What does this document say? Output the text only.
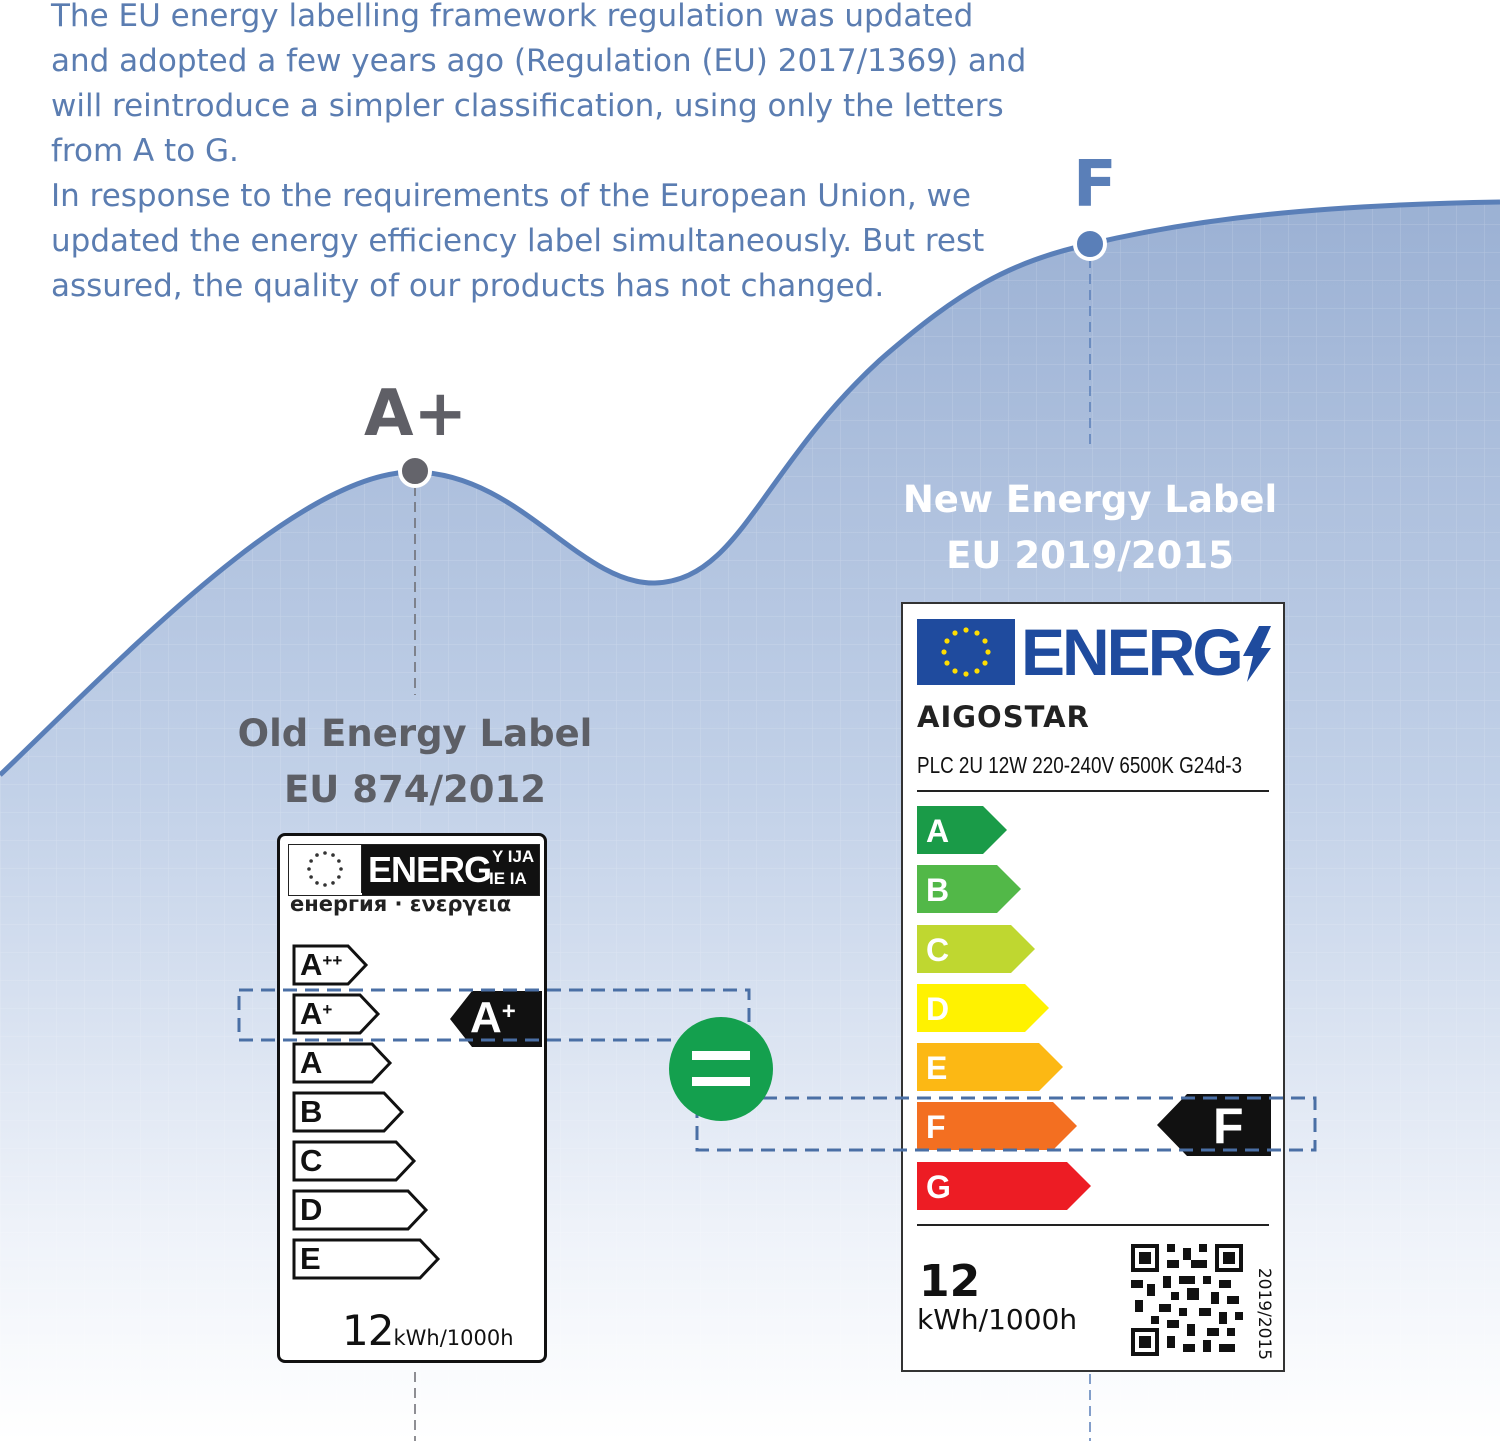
The EU energy labelling framework regulation was updated and adopted a few years ago (Regulation (EU) 2017/1369) and will reintroduce a simpler classification, using only the letters from A to G.

In response to the requirements of the European Union, we updated the energy efficiency label simultaneously. But rest assured, the quality of our products has not changed.

A+
F
Old Energy Label
EU 874/2012
New Energy Label
EU 2019/2015
ENERG Y IJA
IE IA
енергия · ενεργεια
A++
A+
A
B
C
D
E
A+
12kWh/1000h
ENERG
AIGOSTAR
PLC 2U 12W 220-240V 6500K G24d-3
A
B
C
D
E
F
G
F
12
kWh/1000h	2019/2015
